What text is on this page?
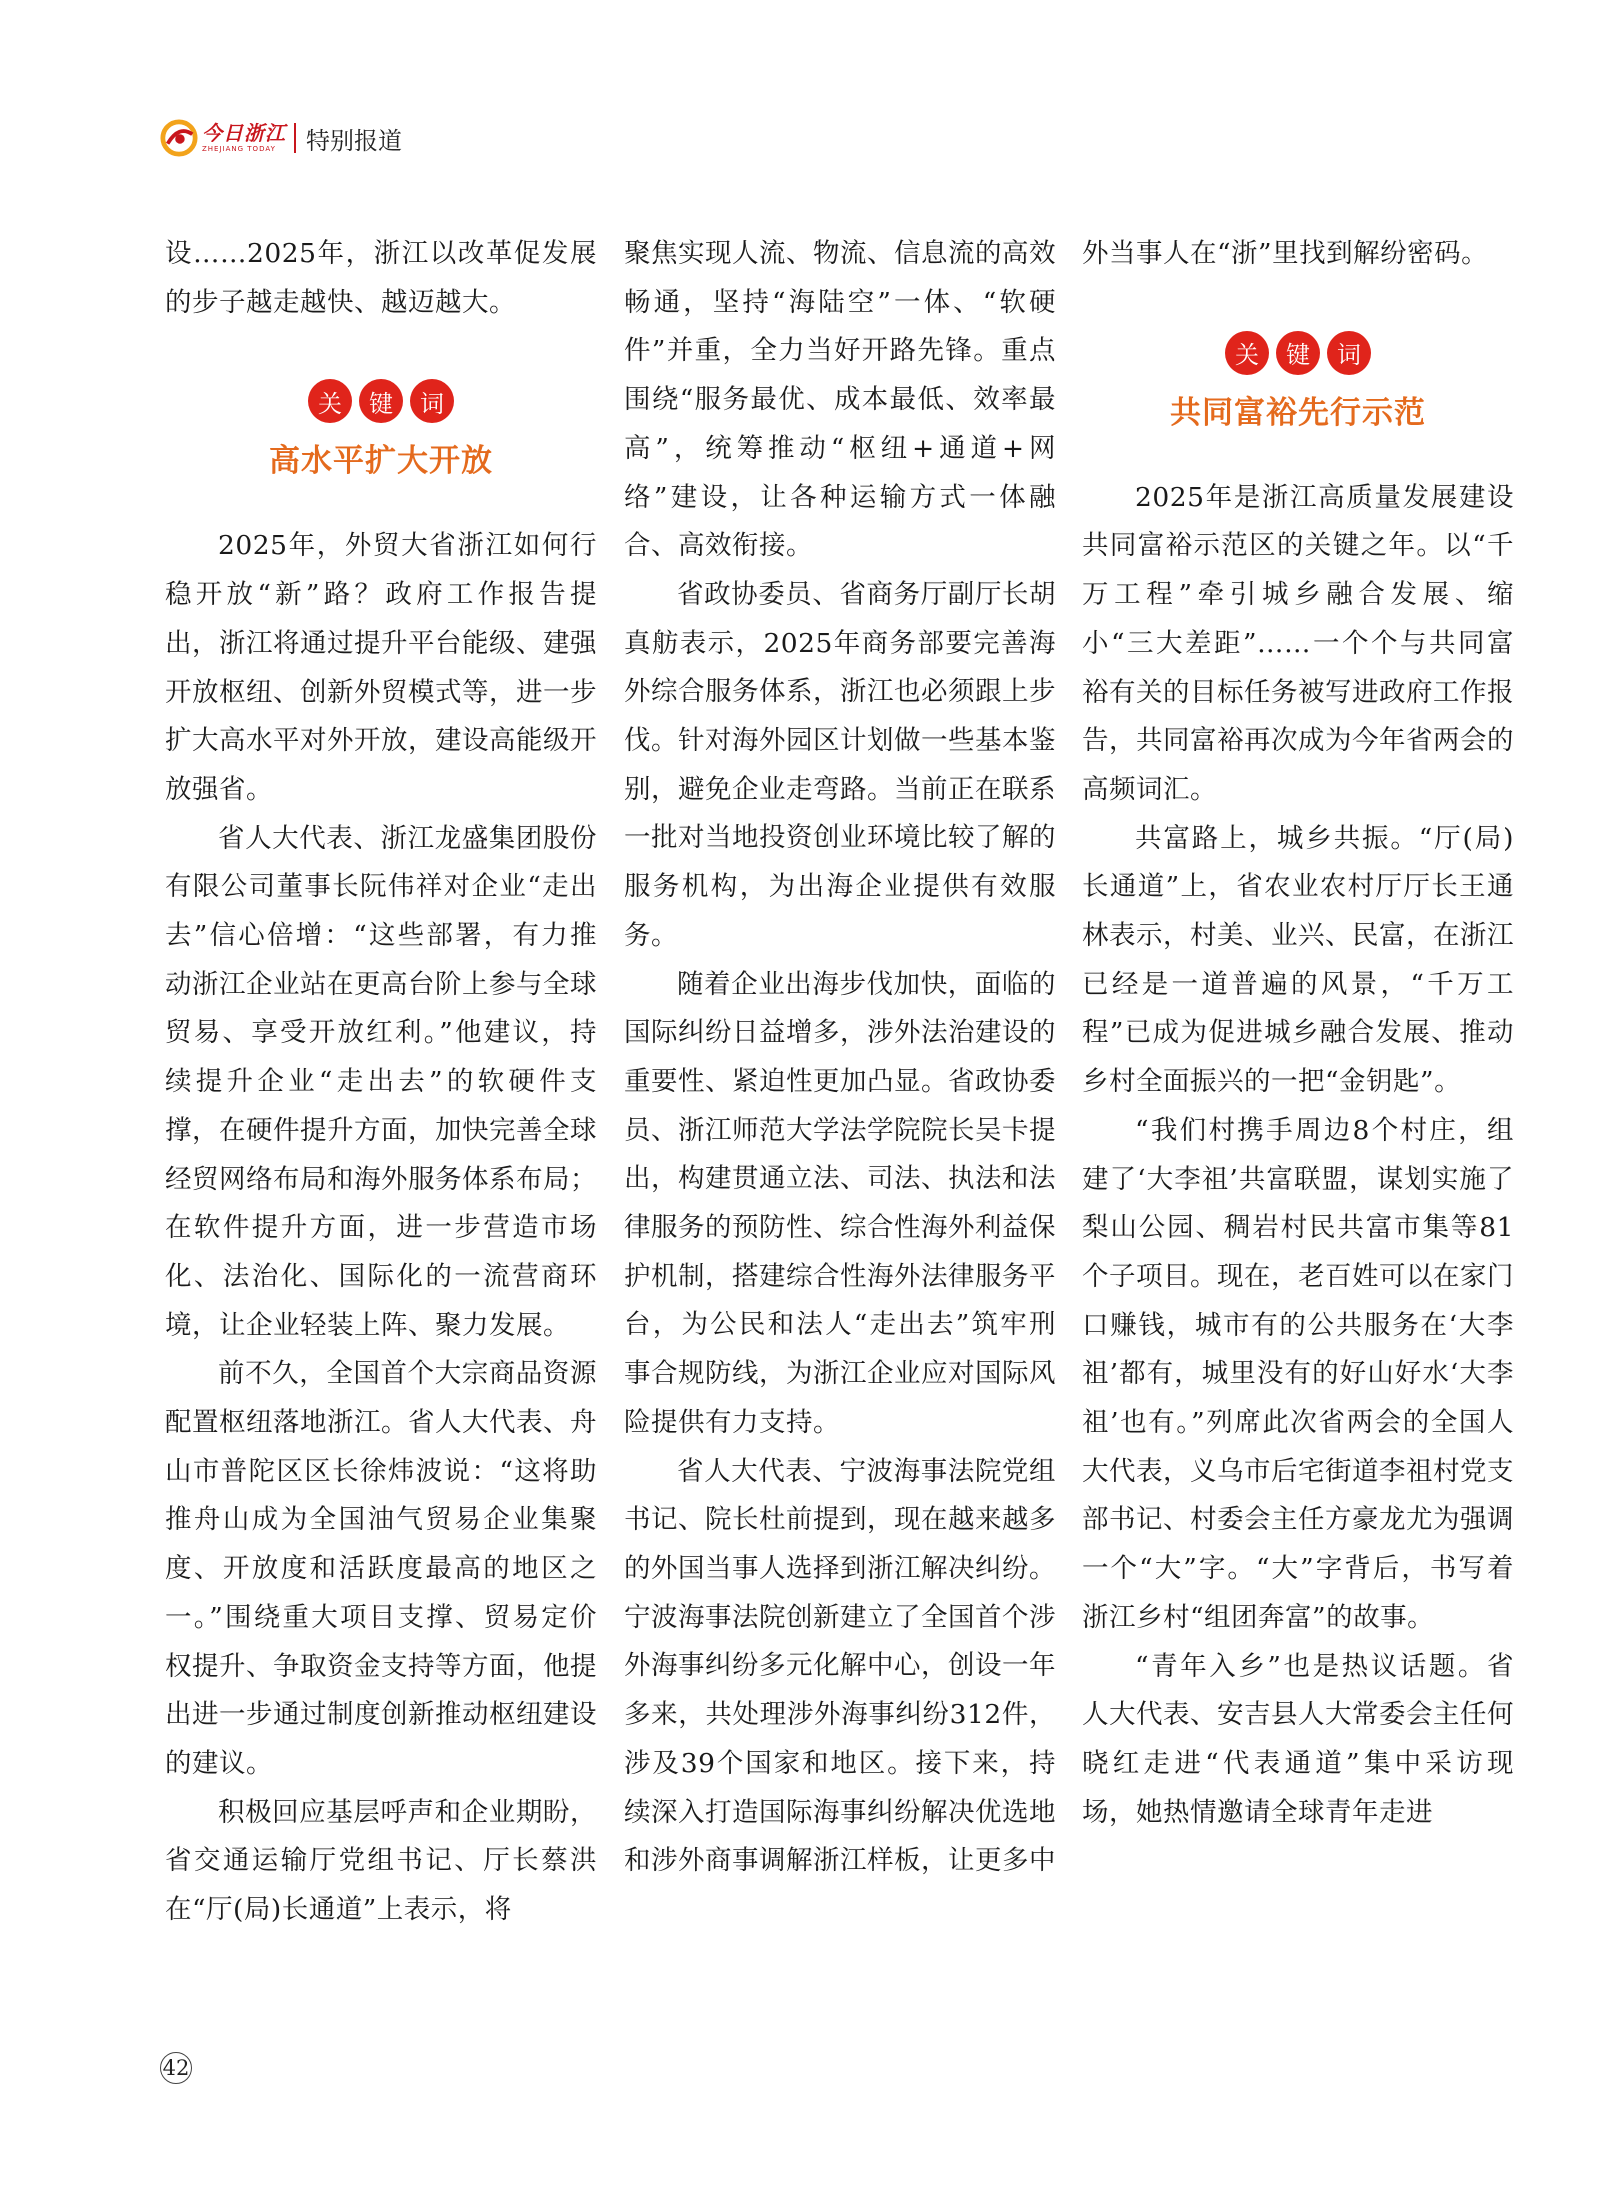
今日浙江
ZHEJIANG TODAY	特别报道

设……2025年，浙江以改革促发展的步子越走越快、越迈越大。

关	键	词
高水平扩大开放

2025年，外贸大省浙江如何行稳开放“新”路？政府工作报告提出，浙江将通过提升平台能级、建强开放枢纽、创新外贸模式等，进一步扩大高水平对外开放，建设高能级开放强省。

省人大代表、浙江龙盛集团股份有限公司董事长阮伟祥对企业“走出去”信心倍增：“这些部署，有力推动浙江企业站在更高台阶上参与全球贸易、享受开放红利。”他建议，持续提升企业“走出去”的软硬件支撑，在硬件提升方面，加快完善全球经贸网络布局和海外服务体系布局；在软件提升方面，进一步营造市场化、法治化、国际化的一流营商环境，让企业轻装上阵、聚力发展。

前不久，全国首个大宗商品资源配置枢纽落地浙江。省人大代表、舟山市普陀区区长徐炜波说：“这将助推舟山成为全国油气贸易企业集聚度、开放度和活跃度最高的地区之一。”围绕重大项目支撑、贸易定价权提升、争取资金支持等方面，他提出进一步通过制度创新推动枢纽建设的建议。

积极回应基层呼声和企业期盼，省交通运输厅党组书记、厅长蔡洪在“厅(局)长通道”上表示，将

聚焦实现人流、物流、信息流的高效畅通，坚持“海陆空”一体、“软硬件”并重，全力当好开路先锋。重点围绕“服务最优、成本最低、效率最高”，统筹推动“枢纽+通道+网络”建设，让各种运输方式一体融合、高效衔接。

省政协委员、省商务厅副厅长胡真舫表示，2025年商务部要完善海外综合服务体系，浙江也必须跟上步伐。针对海外园区计划做一些基本鉴别，避免企业走弯路。当前正在联系一批对当地投资创业环境比较了解的服务机构，为出海企业提供有效服务。

随着企业出海步伐加快，面临的国际纠纷日益增多，涉外法治建设的重要性、紧迫性更加凸显。省政协委员、浙江师范大学法学院院长吴卡提出，构建贯通立法、司法、执法和法律服务的预防性、综合性海外利益保护机制，搭建综合性海外法律服务平台，为公民和法人“走出去”筑牢刑事合规防线，为浙江企业应对国际风险提供有力支持。

省人大代表、宁波海事法院党组书记、院长杜前提到，现在越来越多的外国当事人选择到浙江解决纠纷。宁波海事法院创新建立了全国首个涉外海事纠纷多元化解中心，创设一年多来，共处理涉外海事纠纷312件，涉及39个国家和地区。接下来，持续深入打造国际海事纠纷解决优选地和涉外商事调解浙江样板，让更多中

外当事人在“浙”里找到解纷密码。

关	键	词
共同富裕先行示范

2025年是浙江高质量发展建设共同富裕示范区的关键之年。以“千万工程”牵引城乡融合发展、缩小“三大差距”……一个个与共同富裕有关的目标任务被写进政府工作报告，共同富裕再次成为今年省两会的高频词汇。

共富路上，城乡共振。“厅(局)长通道”上，省农业农村厅厅长王通林表示，村美、业兴、民富，在浙江已经是一道普遍的风景，“千万工程”已成为促进城乡融合发展、推动乡村全面振兴的一把“金钥匙”。

“我们村携手周边8个村庄，组建了‘大李祖’共富联盟，谋划实施了梨山公园、稠岩村民共富市集等81个子项目。现在，老百姓可以在家门口赚钱，城市有的公共服务在‘大李祖’都有，城里没有的好山好水‘大李祖’也有。”列席此次省两会的全国人大代表，义乌市后宅街道李祖村党支部书记、村委会主任方豪龙尤为强调一个“大”字。“大”字背后，书写着浙江乡村“组团奔富”的故事。

“青年入乡”也是热议话题。省人大代表、安吉县人大常委会主任何晓红走进“代表通道”集中采访现场，她热情邀请全球青年走进

42
